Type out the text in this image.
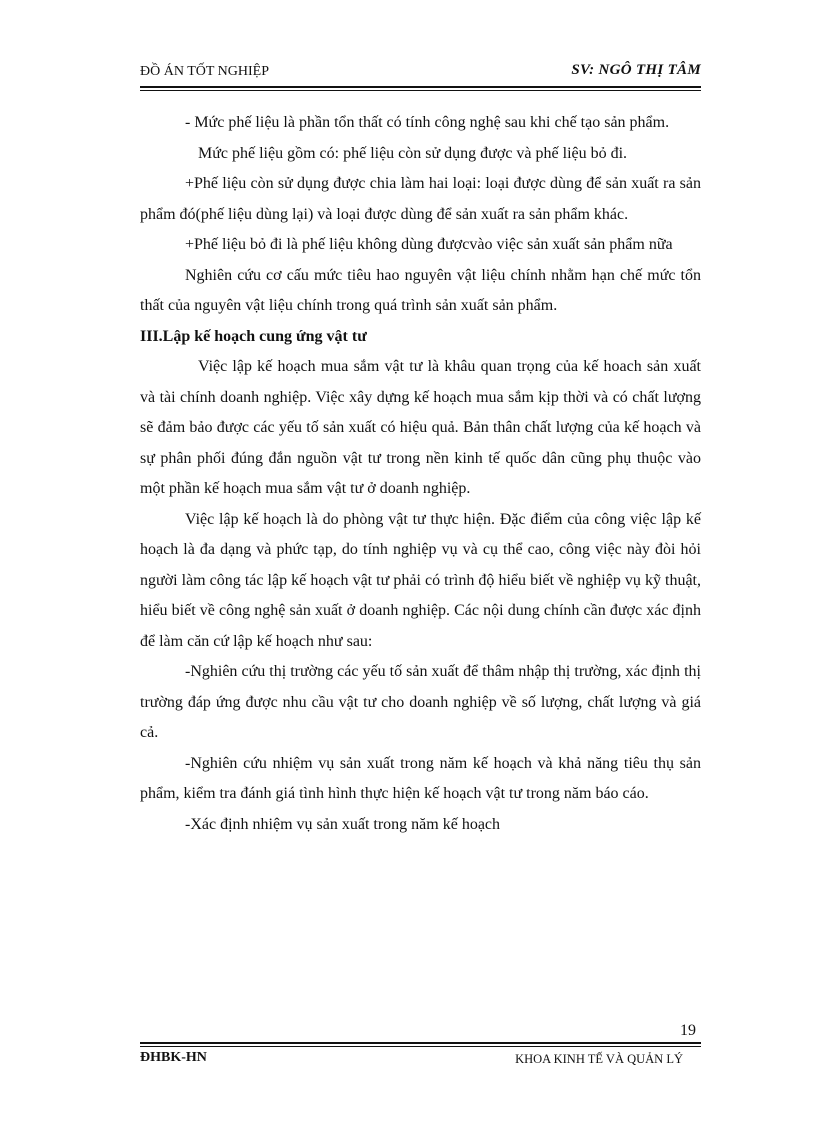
ĐỒ ÁN TỐT NGHIỆP	SV: NGÔ THỊ TÂM

- Mức phế liệu là phần tổn thất có tính công nghệ sau khi chế tạo sản phẩm.

Mức phế liệu gồm có: phế liệu còn sử dụng được và phế liệu bỏ đi.

+Phế liệu còn sử dụng được chia làm hai loại: loại được dùng để sản xuất ra sản phẩm đó(phế liệu dùng lại) và loại được dùng để sản xuất ra sản phẩm khác.

+Phế liệu bỏ đi là phế liệu không dùng đượcvào việc sản xuất sản phẩm nữa

Nghiên cứu cơ cấu mức tiêu hao nguyên vật liệu chính nhằm hạn chế mức tổn thất của nguyên vật liệu chính trong quá trình sản xuất sản phẩm.

III.Lập kế hoạch cung ứng vật tư

Việc lập kế hoạch mua sắm vật tư là khâu quan trọng của kế hoach sản xuất và tài chính doanh nghiệp. Việc xây dựng kế hoạch mua sắm kịp thời và có chất lượng sẽ đảm bảo được các yếu tố sản xuất có hiệu quả. Bản thân chất lượng của kế hoạch và sự phân phối đúng đắn nguồn vật tư trong nền kinh tế quốc dân cũng phụ thuộc vào một phần kế hoạch mua sắm vật tư ở doanh nghiệp.

Việc lập kế hoạch là do phòng vật tư thực hiện. Đặc điểm của công việc lập kế hoạch là đa dạng và phức tạp, do tính nghiệp vụ và cụ thể cao, công việc này đòi hỏi người làm công tác lập kế hoạch vật tư phải có trình độ hiểu biết về nghiệp vụ kỹ thuật, hiểu biết về công nghệ sản xuất ở doanh nghiệp. Các nội dung chính cần được xác định để làm căn cứ lập kế hoạch như sau:

-Nghiên cứu thị trường các yếu tố sản xuất để thâm nhập thị trường, xác định thị trường đáp ứng được nhu cầu vật tư cho doanh nghiệp về số lượng, chất lượng và giá cả.

-Nghiên cứu nhiệm vụ sản xuất trong năm kế hoạch và khả năng tiêu thụ sản phẩm, kiểm tra đánh giá tình hình thực hiện kế hoạch vật tư trong năm báo cáo.

-Xác định nhiệm vụ sản xuất trong năm kế hoạch

19
ĐHBK-HN	KHOA KINH TẾ VÀ QUẢN LÝ
